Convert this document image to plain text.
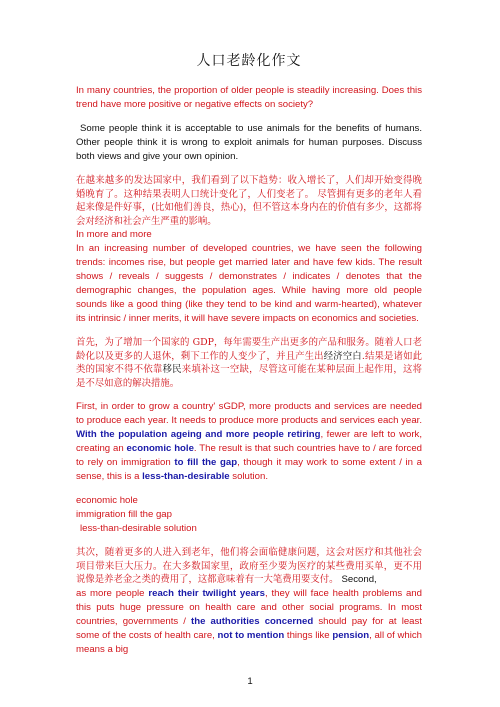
人口老龄化作文

In many countries, the proportion of older people is steadily increasing. Does this trend have more positive or negative effects on society?

Some people think it is acceptable to use animals for the benefits of humans. Other people think it is wrong to exploit animals for human purposes. Discuss both views and give your own opinion.

在越来越多的发达国家中，我们看到了以下趋势：收入增长了，人们却开始变得晚婚晚育了。这种结果表明人口统计变化了，人们变老了。 尽管拥有更多的老年人看起来像是件好事，(比如他们善良，热心)，但不管这本身内在的价值有多少，这都将会对经济和社会产生严重的影响。

In more and more

In an increasing number of developed countries, we have seen the following trends: incomes rise, but people get married later and have few kids. The result shows / reveals / suggests / demonstrates / indicates / denotes that the demographic changes, the population ages. While having more old people sounds like a good thing (like they tend to be kind and warm-hearted), whatever its intrinsic / inner merits, it will have severe impacts on economics and societies.

首先，为了增加一个国家的 GDP，每年需要生产出更多的产品和服务。随着人口老龄化以及更多的人退休，剩下工作的人变少了，并且产生出经济空白.结果是诸如此类的国家不得不依靠移民来填补这一空缺，尽管这可能在某种层面上起作用，这将是不尽如意的解决措施。

First, in order to grow a country' sGDP, more products and services are needed to produce each year. It needs to produce more products and services each year. With the population ageing and more people retiring, fewer are left to work, creating an economic hole. The result is that such countries have to / are forced to rely on immigration to fill the gap, though it may work to some extent / in a sense, this is a less-than-desirable solution.

economic hole

immigration fill the gap

less-than-desirable solution

其次，随着更多的人进入到老年，他们将会面临健康问题，这会对医疗和其他社会项目带来巨大压力。在大多数国家里，政府至少要为医疗的某些费用买单，更不用说像是养老金之类的费用了，这都意味着有一大笔费用要支付。 Second,

as more people reach their twilight years, they will face health problems and this puts huge pressure on health care and other social programs. In most countries, governments / the authorities concerned should pay for at least some of the costs of health care, not to mention things like pension, all of which means a big

1
